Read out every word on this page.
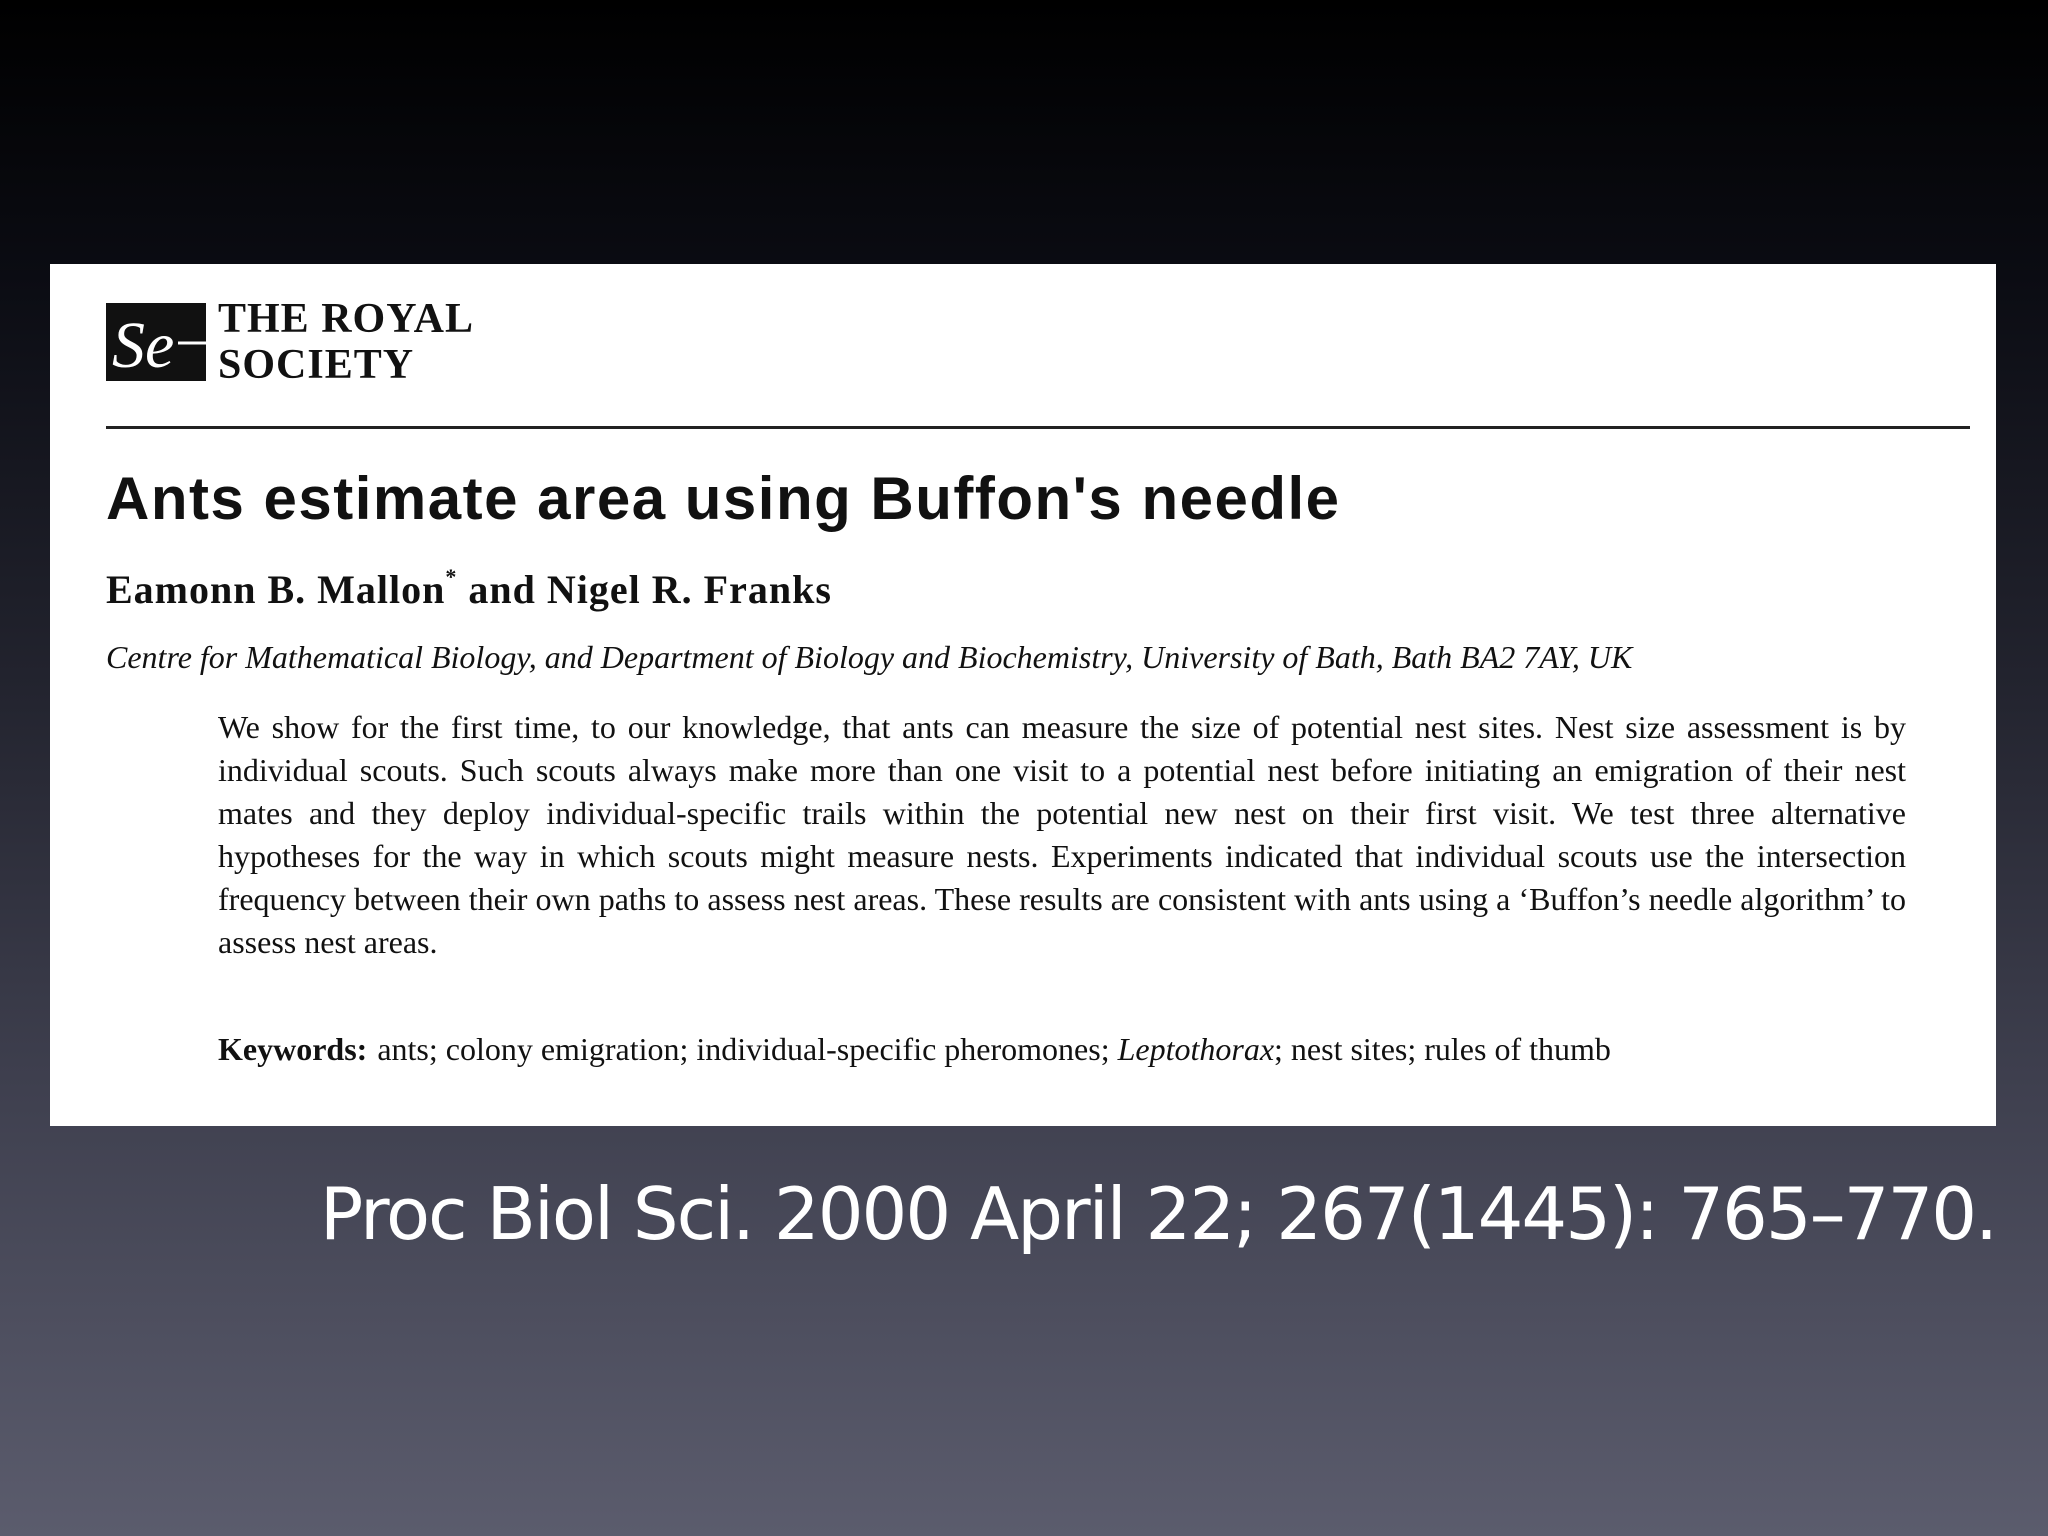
Se THE ROYAL
SOCIETY
Ants estimate area using Buffon's needle
Eamonn B. Mallon* and Nigel R. Franks
Centre for Mathematical Biology, and Department of Biology and Biochemistry, University of Bath, Bath BA2 7AY, UK

We show for the first time, to our knowledge, that ants can measure the size of potential nest sites. Nest size assessment is by individual scouts. Such scouts always make more than one visit to a potential nest before initiating an emigration of their nest mates and they deploy individual-specific trails within the potential new nest on their first visit. We test three alternative hypotheses for the way in which scouts might measure nests. Experiments indicated that individual scouts use the intersection frequency between their own paths to assess nest areas. These results are consistent with ants using a ‘Buffon’s needle algorithm’ to assess nest areas.

Keywords: ants; colony emigration; individual-specific pheromones; Leptothorax; nest sites; rules of thumb
Proc Biol Sci. 2000 April 22; 267(1445): 765–770.
